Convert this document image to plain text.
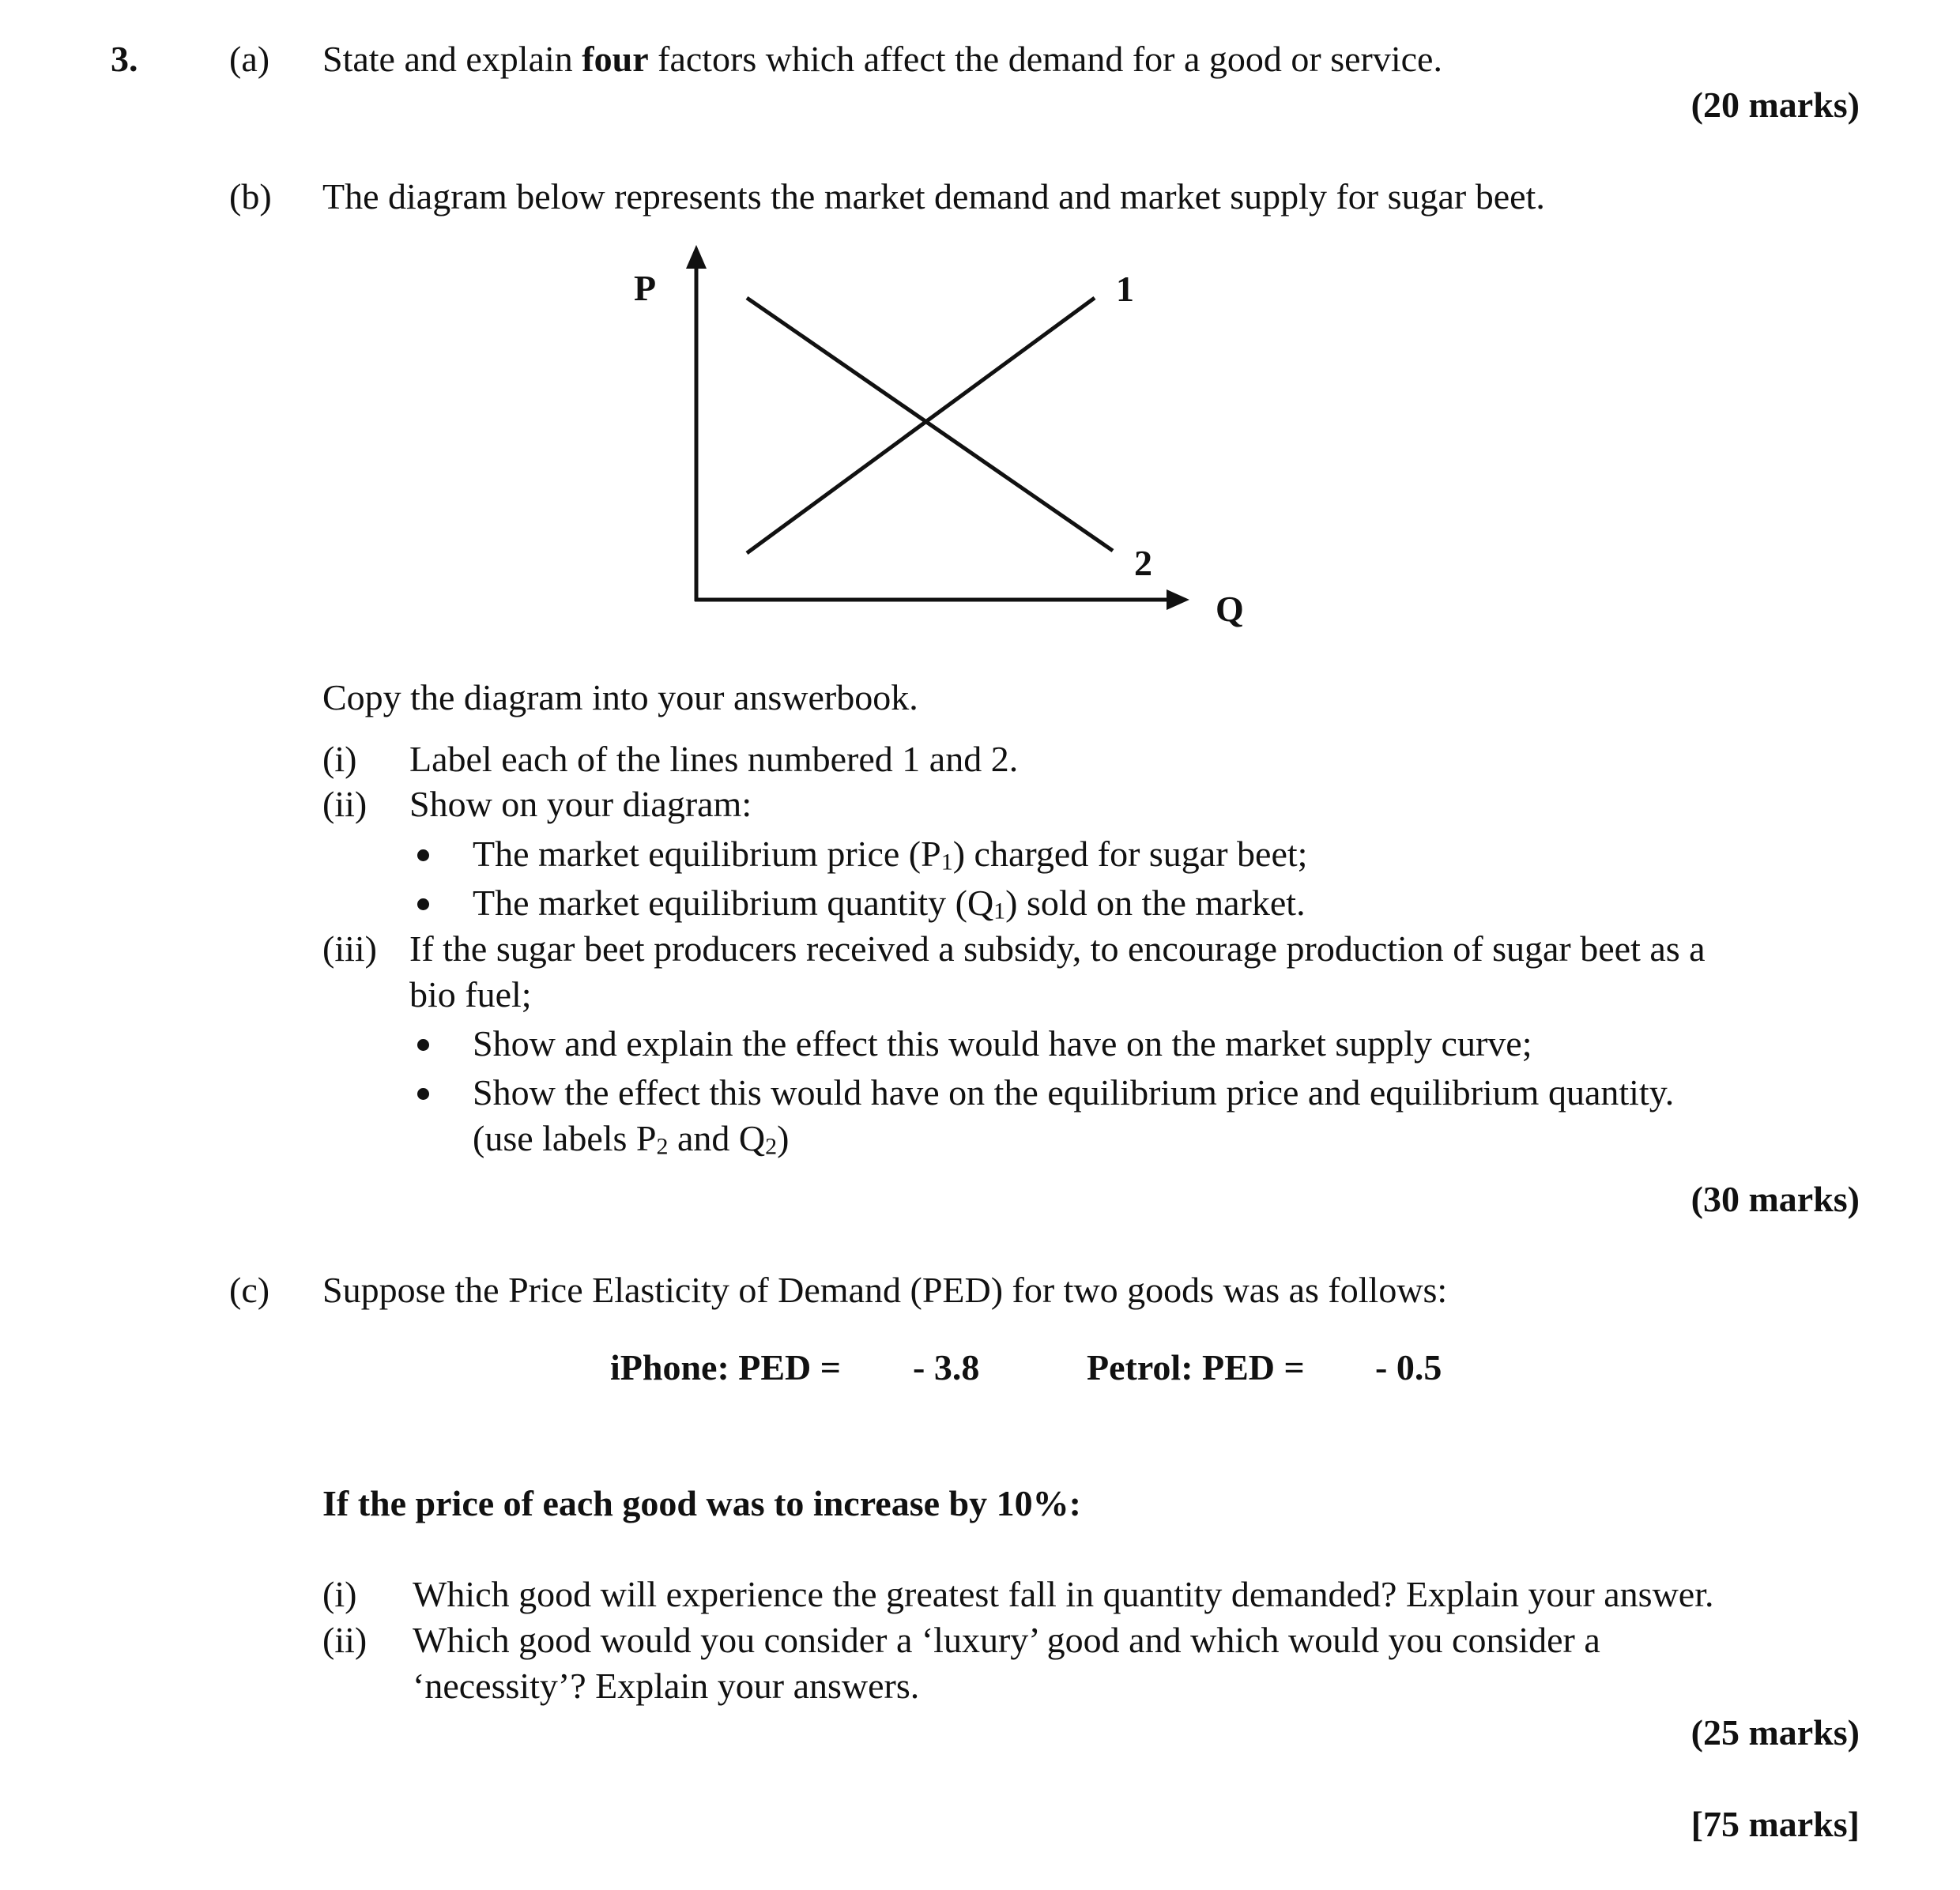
3.	(a) State and explain four factors which affect the demand for a good or service.
(20 marks)
(b) The diagram below represents the market demand and market supply for sugar beet.
P
Q
1
2
Copy the diagram into your answerbook.
(i) Label each of the lines numbered 1 and 2.
(ii) Show on your diagram:
The market equilibrium price $(P_1)$ charged for sugar beet;
The market equilibrium quantity $(Q_1)$ sold on the market.
(iii) If the sugar beet producers received a subsidy, to encourage production of sugar beet as a
bio fuel;
Show and explain the effect this would have on the market supply curve;
Show the effect this would have on the equilibrium price and equilibrium quantity.
(use labels $P_2$ and $Q_2$)
(30 marks)
(c) Suppose the Price Elasticity of Demand (PED) for two goods was as follows:
iPhone: PED = - 3.8	Petrol: PED = - 0.5
If the price of each good was to increase by 10%:
(i) Which good will experience the greatest fall in quantity demanded? Explain your answer.
(ii) Which good would you consider a ‘luxury’ good and which would you consider a
‘necessity’? Explain your answers.
(25 marks)
[75 marks]
